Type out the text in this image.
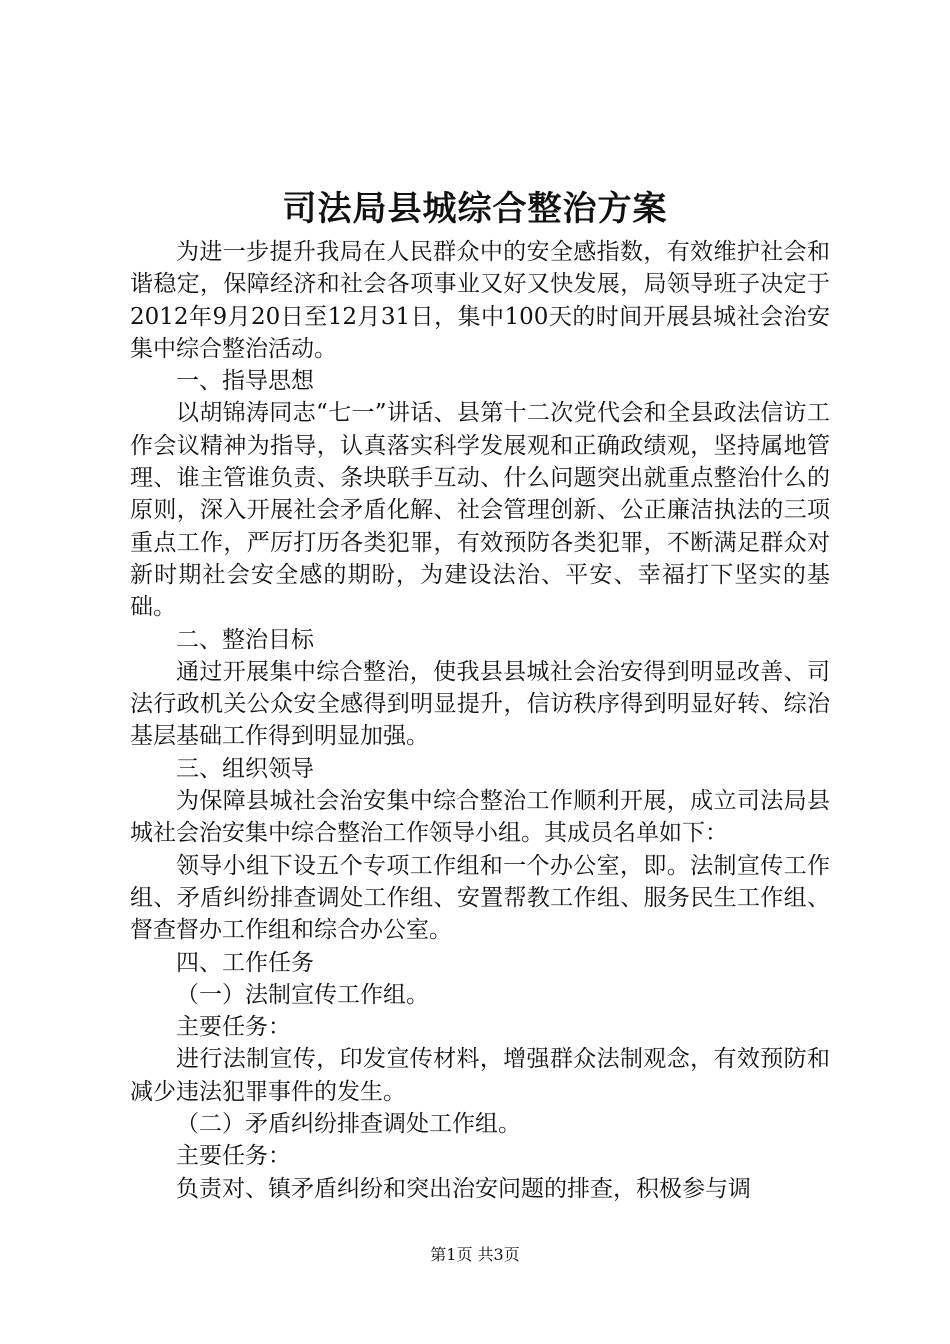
司法局县城综合整治方案

为进一步提升我局在人民群众中的安全感指数，有效维护社会和谐稳定，保障经济和社会各项事业又好又快发展，局领导班子决定于2012年9月20日至12月31日，集中100天的时间开展县城社会治安集中综合整治活动。

一、指导思想

以胡锦涛同志“七一”讲话、县第十二次党代会和全县政法信访工作会议精神为指导，认真落实科学发展观和正确政绩观，坚持属地管理、谁主管谁负责、条块联手互动、什么问题突出就重点整治什么的原则，深入开展社会矛盾化解、社会管理创新、公正廉洁执法的三项重点工作，严厉打历各类犯罪，有效预防各类犯罪，不断满足群众对新时期社会安全感的期盼，为建设法治、平安、幸福打下坚实的基础。

二、整治目标

通过开展集中综合整治，使我县县城社会治安得到明显改善、司法行政机关公众安全感得到明显提升，信访秩序得到明显好转、综治基层基础工作得到明显加强。

三、组织领导

为保障县城社会治安集中综合整治工作顺利开展，成立司法局县城社会治安集中综合整治工作领导小组。其成员名单如下：

领导小组下设五个专项工作组和一个办公室，即。法制宣传工作组、矛盾纠纷排查调处工作组、安置帮教工作组、服务民生工作组、督查督办工作组和综合办公室。

四、工作任务

（一）法制宣传工作组。

主要任务：

进行法制宣传，印发宣传材料，增强群众法制观念，有效预防和减少违法犯罪事件的发生。

（二）矛盾纠纷排查调处工作组。

主要任务：

负责对、镇矛盾纠纷和突出治安问题的排查，积极参与调

第1页 共3页
